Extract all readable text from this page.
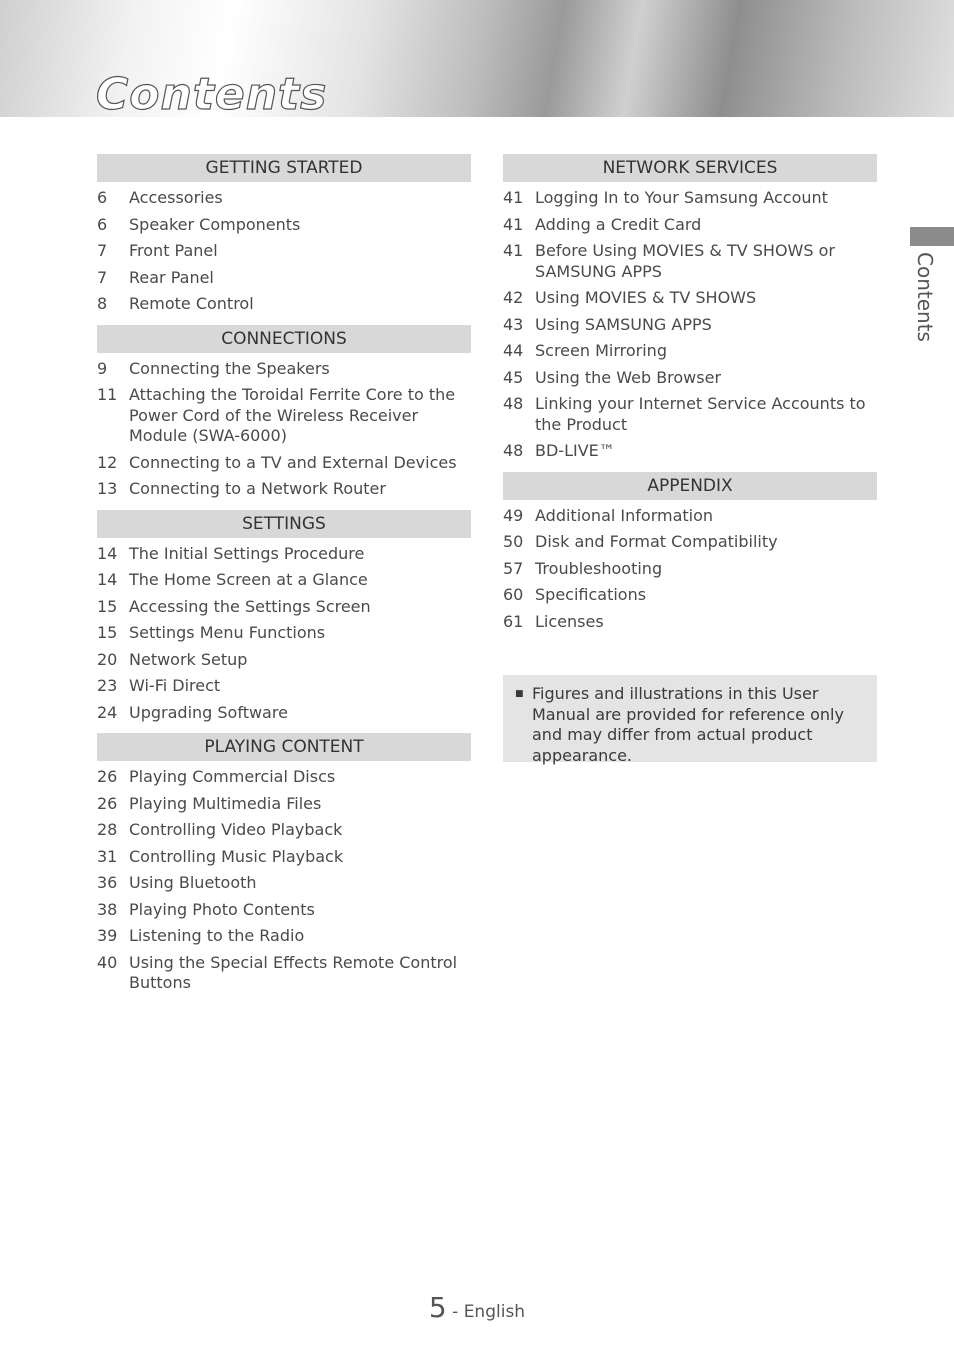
Contents
GETTING STARTED
6	Accessories
6	Speaker Components
7	Front Panel
7	Rear Panel
8	Remote Control
CONNECTIONS
9	Connecting the Speakers
11 Attaching the Toroidal Ferrite Core to the Power Cord of the Wireless Receiver Module (SWA-6000)
12 Connecting to a TV and External Devices
13 Connecting to a Network Router
SETTINGS
14 The Initial Settings Procedure
14 The Home Screen at a Glance
15 Accessing the Settings Screen
15 Settings Menu Functions
20 Network Setup
23 Wi-Fi Direct
24 Upgrading Software
PLAYING CONTENT
26 Playing Commercial Discs
26 Playing Multimedia Files
28 Controlling Video Playback
31 Controlling Music Playback
36 Using Bluetooth
38 Playing Photo Contents
39 Listening to the Radio
40 Using the Special Effects Remote Control Buttons
NETWORK SERVICES
41 Logging In to Your Samsung Account
41 Adding a Credit Card
41 Before Using MOVIES & TV SHOWS or SAMSUNG APPS
42 Using MOVIES & TV SHOWS
43 Using SAMSUNG APPS
44 Screen Mirroring
45 Using the Web Browser
48 Linking your Internet Service Accounts to the Product
48 BD-LIVE™
APPENDIX
49 Additional Information
50 Disk and Format Compatibility
57 Troubleshooting
60 Specifications
61 Licenses
■ Figures and illustrations in this User Manual are provided for reference only and may differ from actual product appearance.
Contents
5 - English
